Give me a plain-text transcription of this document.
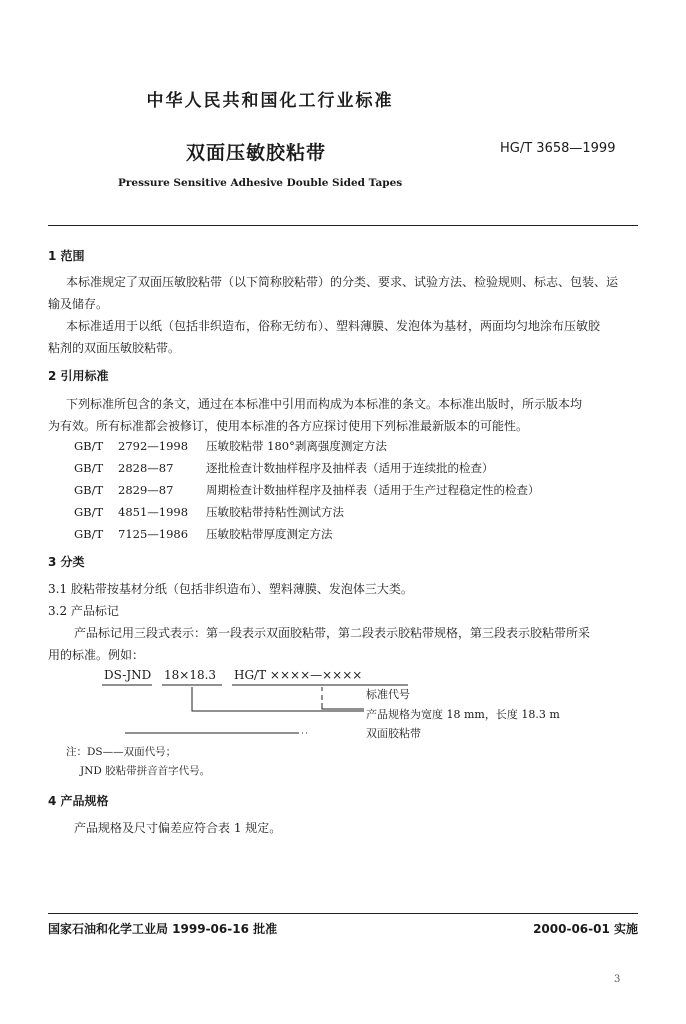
中华人民共和国化工行业标准
双面压敏胶粘带	HG/T 3658—1999
Pressure Sensitive Adhesive Double Sided Tapes
1 范围
本标准规定了双面压敏胶粘带（以下简称胶粘带）的分类、要求、试验方法、检验规则、标志、包装、运
输及储存。
本标准适用于以纸（包括非织造布，俗称无纺布）、塑料薄膜、发泡体为基材，两面均匀地涂布压敏胶
粘剂的双面压敏胶粘带。
2 引用标准
下列标准所包含的条文，通过在本标准中引用而构成为本标准的条文。本标准出版时，所示版本均
为有效。所有标准都会被修订，使用本标准的各方应探讨使用下列标准最新版本的可能性。
GB/T 2792—1998 压敏胶粘带 180°剥离强度测定方法
GB/T 2828—87	逐批检查计数抽样程序及抽样表（适用于连续批的检查）
GB/T 2829—87	周期检查计数抽样程序及抽样表（适用于生产过程稳定性的检查）
GB/T 4851—1998 压敏胶粘带持粘性测试方法
GB/T 7125—1986 压敏胶粘带厚度测定方法
3 分类
3.1 胶粘带按基材分纸（包括非织造布）、塑料薄膜、发泡体三大类。
3.2 产品标记
产品标记用三段式表示：第一段表示双面胶粘带，第二段表示胶粘带规格，第三段表示胶粘带所采
用的标准。例如：
DS-JND 18×18.3 HG/T ××××—××××
标准代号
产品规格为宽度 18 mm，长度 18.3 m
双面胶粘带
注：DS——双面代号；
JND 胶粘带拼音首字代号。
4 产品规格
产品规格及尺寸偏差应符合表 1 规定。
国家石油和化学工业局 1999-06-16 批准	2000-06-01 实施
3
